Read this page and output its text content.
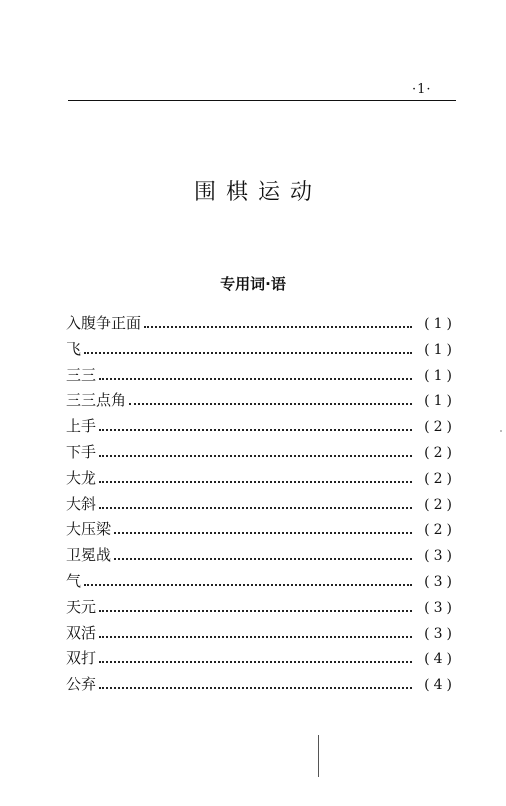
·1·
围棋运动
专用词·语
入腹争正面	(1)
飞	(1)
三三	(1)
三三点角	(1)
上手	(2)
下手	(2)
大龙	(2)
大斜	(2)
大压梁	(2)
卫冕战	(3)
气	(3)
天元	(3)
双活	(3)
双打	(4)
公弃	(4)
